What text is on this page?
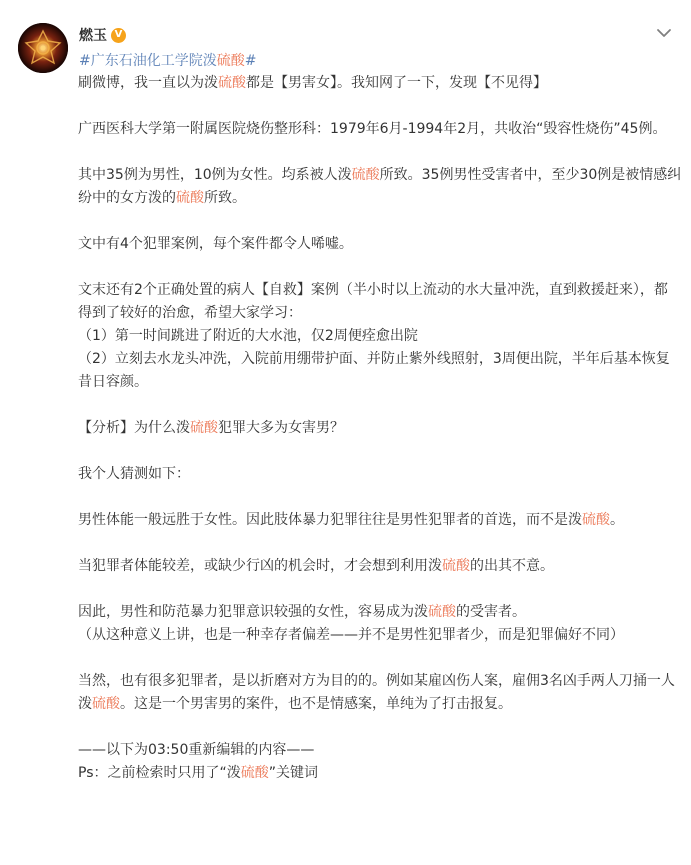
燃玉 V
#广东石油化工学院泼硫酸#

刷微博，我一直以为泼硫酸都是【男害女】。我知网了一下，发现【不见得】

广西医科大学第一附属医院烧伤整形科：1979年6月-1994年2月，共收治“毁容性烧伤”45例。

其中35例为男性，10例为女性。均系被人泼硫酸所致。35例男性受害者中，至少30例是被情感纠

纷中的女方泼的硫酸所致。

文中有4个犯罪案例，每个案件都令人唏嘘。

文末还有2个正确处置的病人【自救】案例（半小时以上流动的水大量冲洗，直到救援赶来），都

得到了较好的治愈，希望大家学习：

（1）第一时间跳进了附近的大水池，仅2周便痊愈出院

（2）立刻去水龙头冲洗，入院前用绷带护面、并防止紫外线照射，3周便出院，半年后基本恢复

昔日容颜。

【分析】为什么泼硫酸犯罪大多为女害男？

我个人猜测如下：

男性体能一般远胜于女性。因此肢体暴力犯罪往往是男性犯罪者的首选，而不是泼硫酸。

当犯罪者体能较差，或缺少行凶的机会时，才会想到利用泼硫酸的出其不意。

因此，男性和防范暴力犯罪意识较强的女性，容易成为泼硫酸的受害者。

（从这种意义上讲，也是一种幸存者偏差——并不是男性犯罪者少，而是犯罪偏好不同）

当然，也有很多犯罪者，是以折磨对方为目的的。例如某雇凶伤人案，雇佣3名凶手两人刀捅一人

泼硫酸。这是一个男害男的案件，也不是情感案，单纯为了打击报复。

——以下为03:50重新编辑的内容——

Ps：之前检索时只用了“泼硫酸”关键词
